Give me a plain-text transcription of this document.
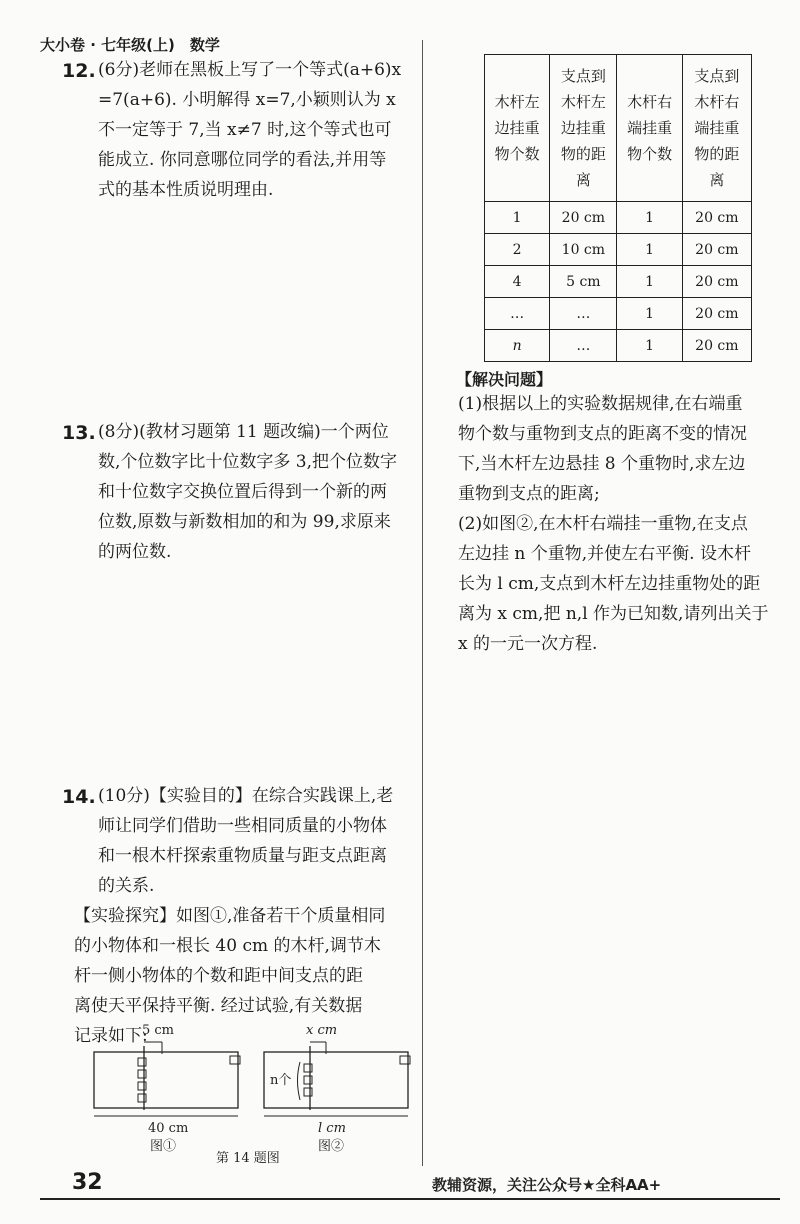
大小卷 · 七年级(上)　数学
12. (6分)老师在黑板上写了一个等式(a+6)x
=7(a+6). 小明解得 x=7,小颖则认为 x
不一定等于 7,当 x≠7 时,这个等式也可
能成立. 你同意哪位同学的看法,并用等
式的基本性质说明理由.
13. (8分)(教材习题第 11 题改编)一个两位
数,个位数字比十位数字多 3,把个位数字
和十位数字交换位置后得到一个新的两
位数,原数与新数相加的和为 99,求原来
的两位数.
14. (10分)【实验目的】在综合实践课上,老
师让同学们借助一些相同质量的小物体
和一根木杆探索重物质量与距支点距离
的关系.
【实验探究】如图①,准备若干个质量相同
的小物体和一根长 40 cm 的木杆,调节木
杆一侧小物体的个数和距中间支点的距
离使天平保持平衡. 经过试验,有关数据
记录如下:
5 cm
40 cm
图①
x cm
n个
l cm
图②
第 14 题图
木杆左边挂重物个数	支点到木杆左边挂重物的距离	木杆右端挂重物个数	支点到木杆右端挂重物的距离
1	20 cm	1	20 cm
2	10 cm	1	20 cm
4	5 cm	1	20 cm
…	…	1	20 cm
n	…	1	20 cm
【解决问题】
(1)根据以上的实验数据规律,在右端重
物个数与重物到支点的距离不变的情况
下,当木杆左边悬挂 8 个重物时,求左边
重物到支点的距离;
(2)如图②,在木杆右端挂一重物,在支点
左边挂 n 个重物,并使左右平衡. 设木杆
长为 l cm,支点到木杆左边挂重物处的距
离为 x cm,把 n,l 作为已知数,请列出关于
x 的一元一次方程.
32	教辅资源，关注公众号★全科AA+
